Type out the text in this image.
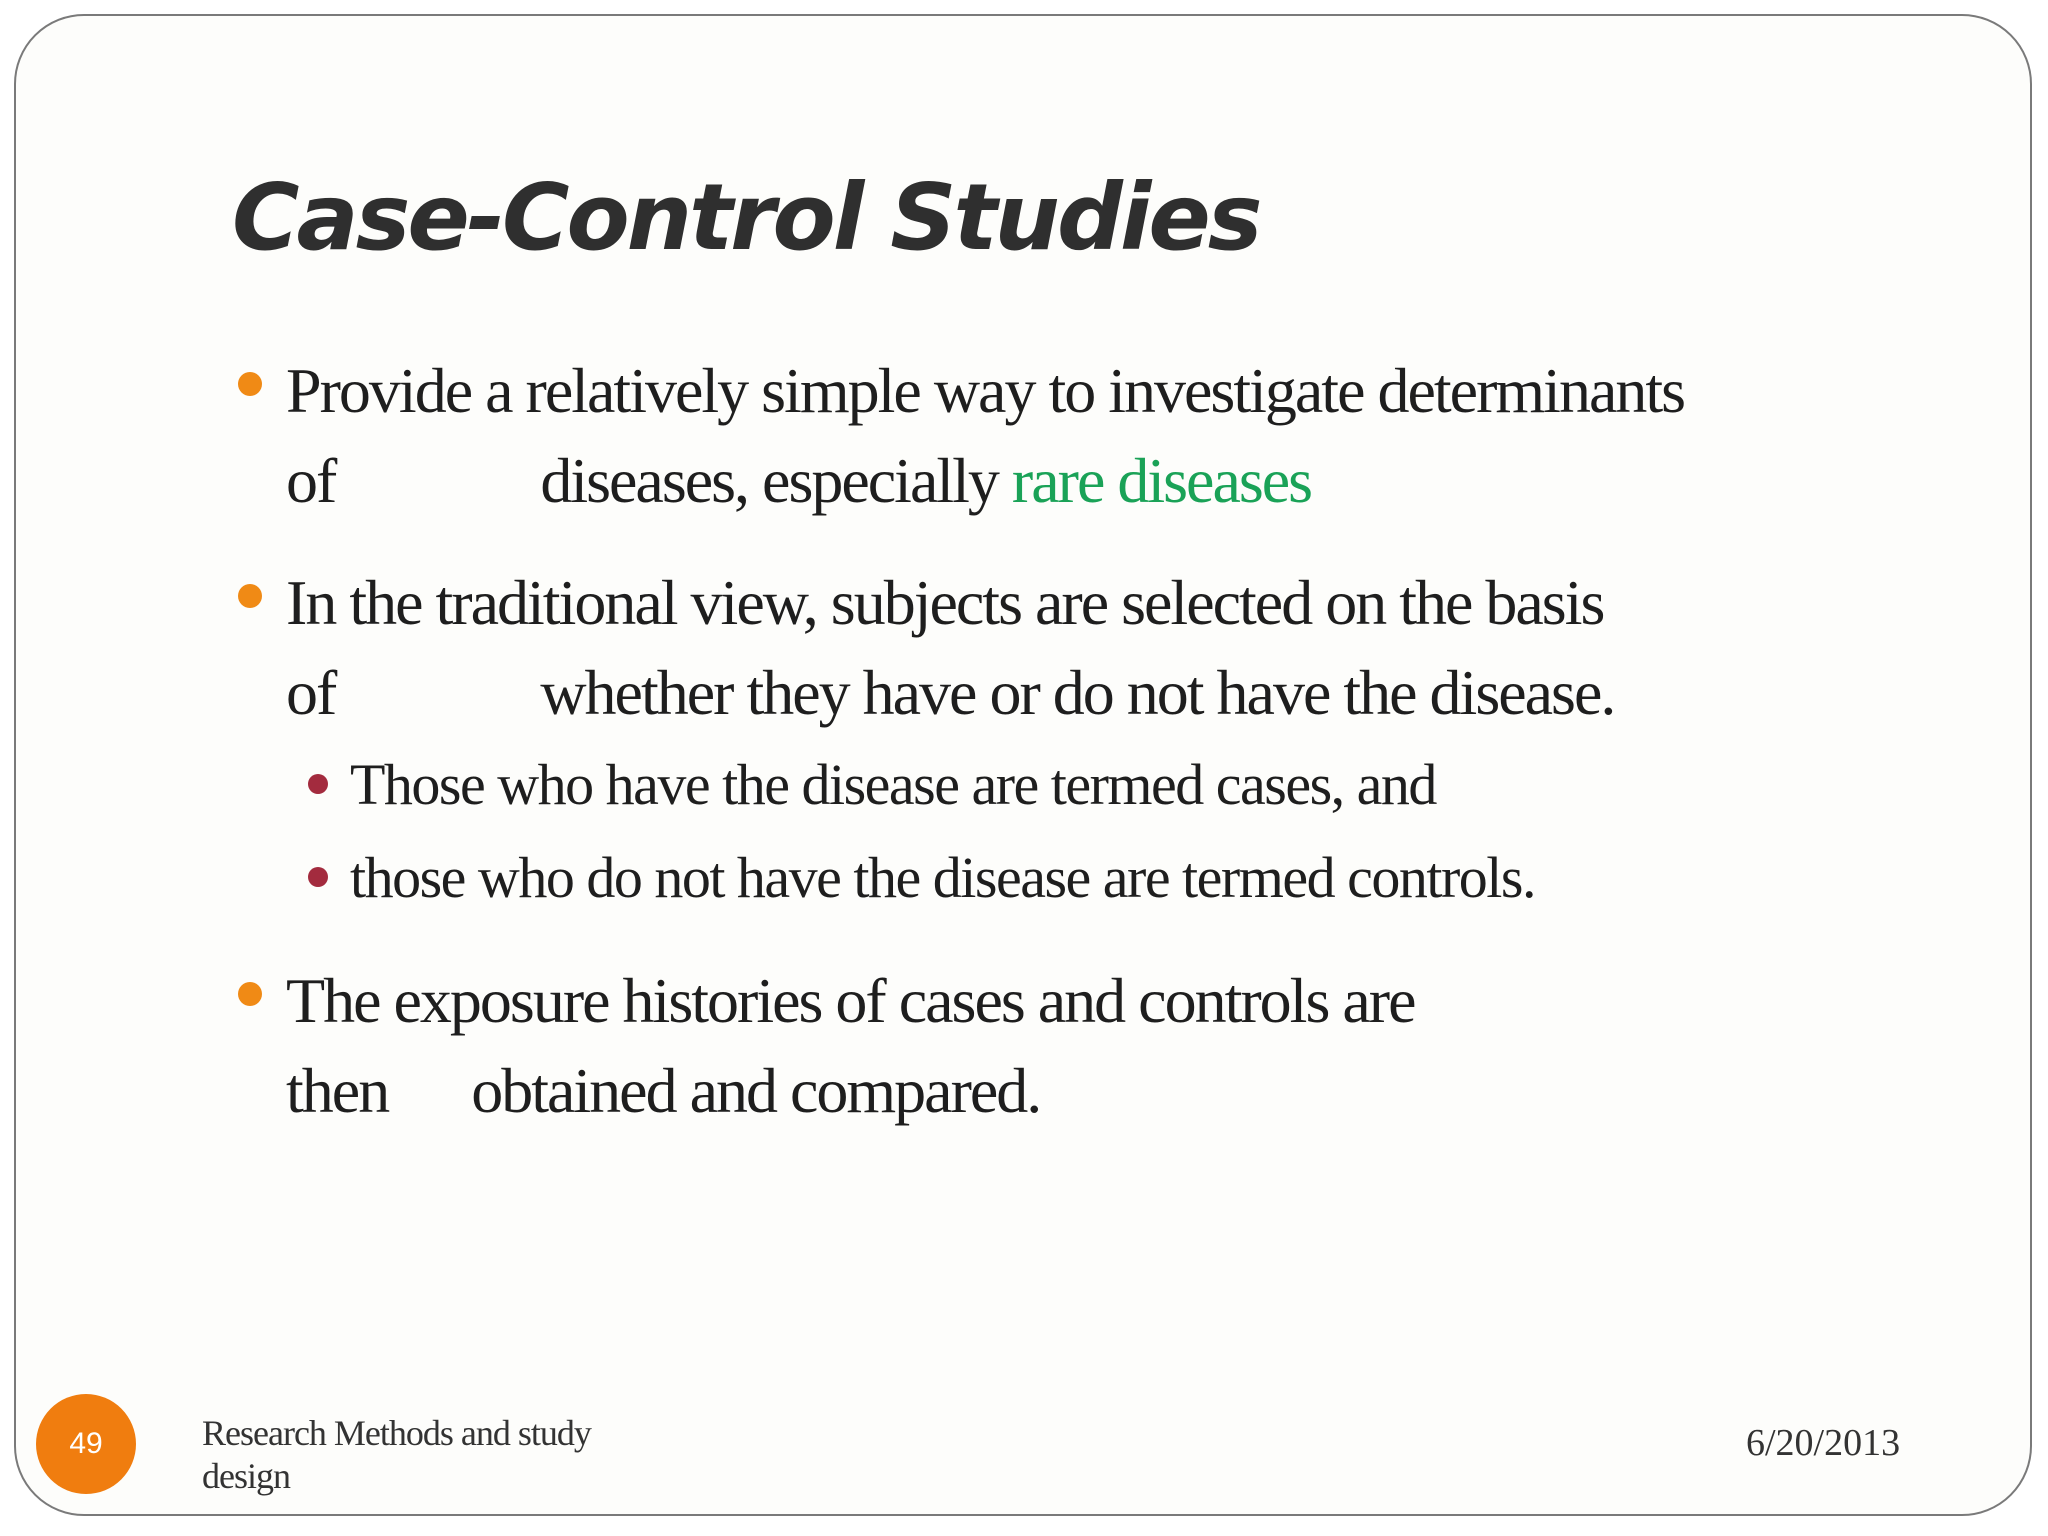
Case-Control Studies
Provide a relatively simple way to investigate determinants
of	diseases, especially rare diseases
In the traditional view, subjects are selected on the basis
of	whether they have or do not have the disease.
Those who have the disease are termed cases, and
those who do not have the disease are termed controls.
The exposure histories of cases and controls are
then obtained and compared.
49	Research Methods and study design
6/20/2013
